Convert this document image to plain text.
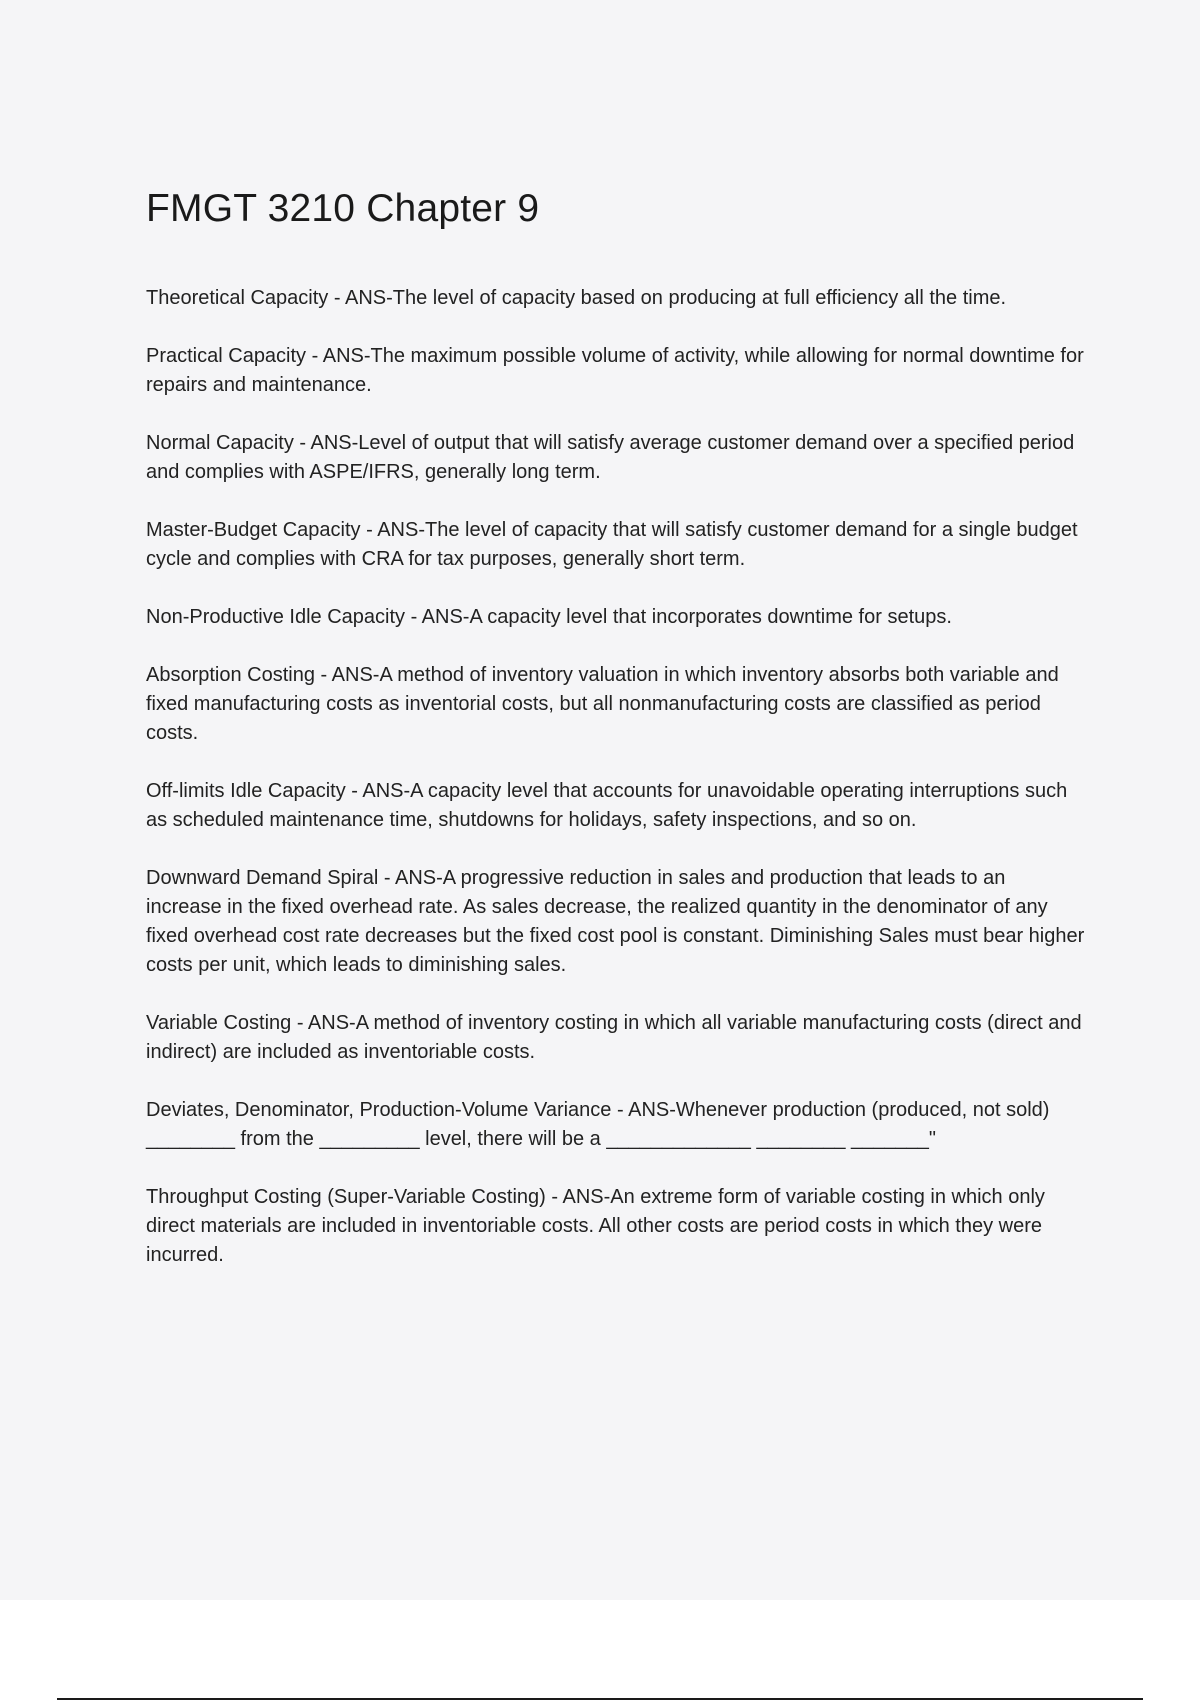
FMGT 3210 Chapter 9

Theoretical Capacity - ANS-The level of capacity based on producing at full efficiency all the time.

Practical Capacity - ANS-The maximum possible volume of activity, while allowing for normal downtime for repairs and maintenance.

Normal Capacity - ANS-Level of output that will satisfy average customer demand over a specified period and complies with ASPE/IFRS, generally long term.

Master-Budget Capacity - ANS-The level of capacity that will satisfy customer demand for a single budget cycle and complies with CRA for tax purposes, generally short term.

Non-Productive Idle Capacity - ANS-A capacity level that incorporates downtime for setups.

Absorption Costing - ANS-A method of inventory valuation in which inventory absorbs both variable and fixed manufacturing costs as inventorial costs, but all nonmanufacturing costs are classified as period costs.

Off-limits Idle Capacity - ANS-A capacity level that accounts for unavoidable operating interruptions such as scheduled maintenance time, shutdowns for holidays, safety inspections, and so on.

Downward Demand Spiral - ANS-A progressive reduction in sales and production that leads to an increase in the fixed overhead rate. As sales decrease, the realized quantity in the denominator of any fixed overhead cost rate decreases but the fixed cost pool is constant. Diminishing Sales must bear higher costs per unit, which leads to diminishing sales.

Variable Costing - ANS-A method of inventory costing in which all variable manufacturing costs (direct and indirect) are included as inventoriable costs.

Deviates, Denominator, Production-Volume Variance - ANS-Whenever production (produced, not sold) ________ from the _________ level, there will be a _____________ ________ _______"

Throughput Costing (Super-Variable Costing) - ANS-An extreme form of variable costing in which only direct materials are included in inventoriable costs. All other costs are period costs in which they were incurred.
